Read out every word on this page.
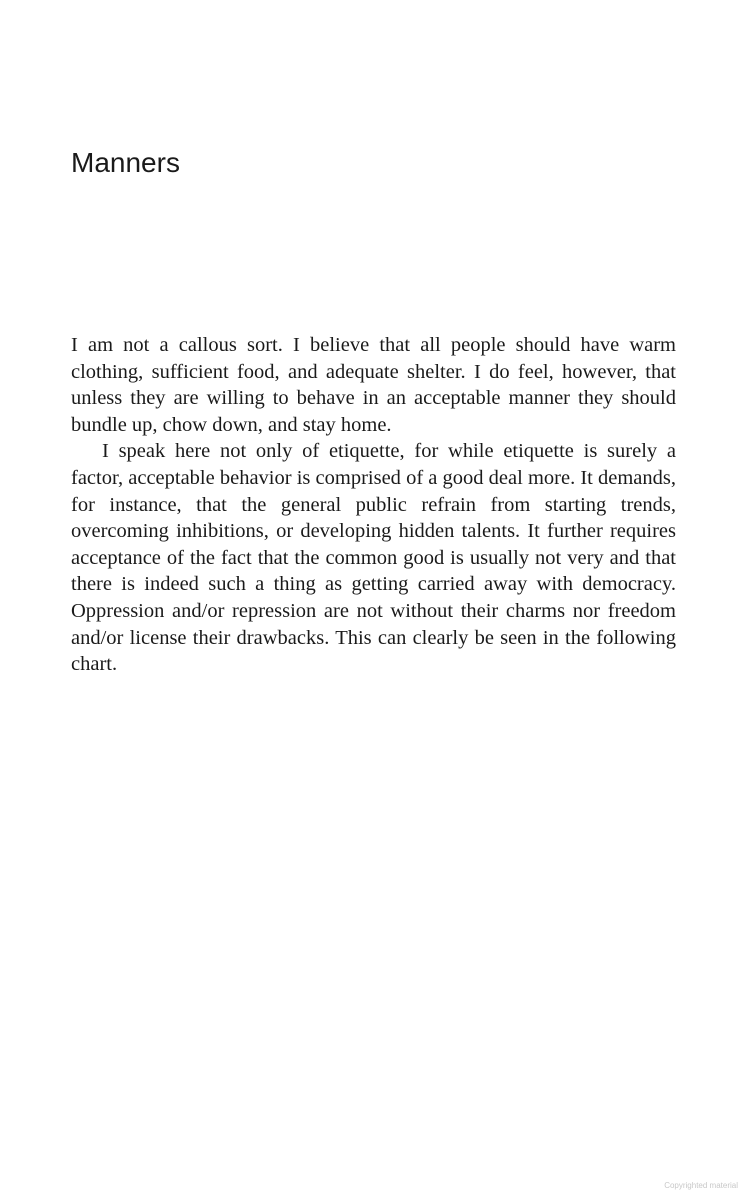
Manners

I am not a callous sort. I believe that all people should have warm clothing, sufficient food, and adequate shelter. I do feel, however, that unless they are willing to behave in an acceptable manner they should bundle up, chow down, and stay home.

I speak here not only of etiquette, for while etiquette is surely a factor, acceptable behavior is comprised of a good deal more. It demands, for instance, that the general public refrain from starting trends, overcoming inhibitions, or developing hidden talents. It further requires acceptance of the fact that the common good is usually not very and that there is indeed such a thing as getting carried away with democracy. Oppression and/or repression are not without their charms nor freedom and/or license their drawbacks. This can clearly be seen in the following chart.

Copyrighted material
